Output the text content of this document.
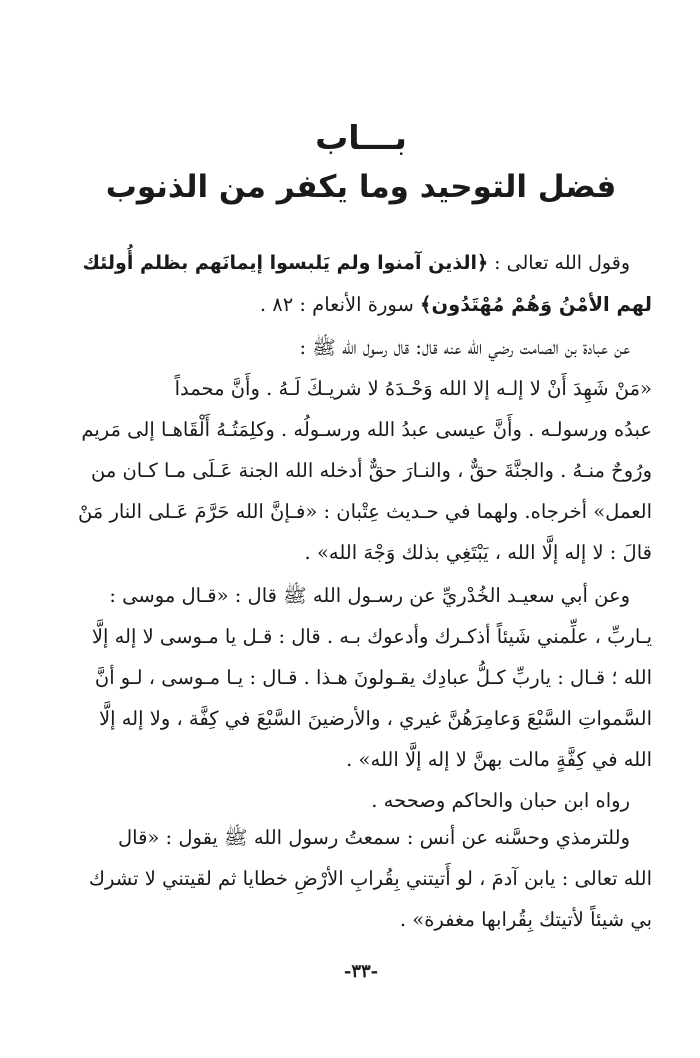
بـــاب
فضل التوحيد وما يكفر من الذنوب
وقول الله تعالى : ﴿الذين آمنوا ولم يَلبسوا إيمانَهم بظلم أُولئك
لهم الأمْنُ وَهُمْ مُهْتَدُون﴾ سورة الأنعام : ٨٢ .
عن عبادة بن الصامت رضي الله عنه قال: قال رسول الله ﷺ :
«مَنْ شَهِدَ أَنْ لا إلـه إلا الله وَحْـدَهُ لا شريـكَ لَـهُ . وأَنَّ محمداً
عبدُه ورسولـه . وأَنَّ عيسى عبدُ الله ورسـولُه . وكلِمَتُـهُ أَلْقَاهـا إلى مَريم
ورُوحٌ منـهُ . والجنَّةَ حقٌّ ، والنـارَ حقٌّ أدخله الله الجنة عَـلَى مـا كـان من
العمل» أخرجاه. ولهما في حـديث عِتْبان : «فـإنَّ الله حَرَّمَ عَـلى النار مَنْ
قالَ : لا إله إلَّا الله ، يَبْتَغِي بذلك وَجْهَ الله» .
وعن أبي سعيـد الخُدْريِّ عن رسـول الله ﷺ قال : «قـال موسى :
يـاربِّ ، علِّمني شَيئاً أذكـرك وأدعوك بـه . قال : قـل يا مـوسى لا إله إلَّا
الله ؛ قـال : ياربِّ كـلُّ عبادِك يقـولونَ هـذا . قـال : يـا مـوسى ، لـو أنَّ
السَّمواتِ السَّبْعَ وَعامِرَهُنَّ غيري ، والأرضينَ السَّبْعَ في كِفَّة ، ولا إله إلَّا
الله في كِفَّةٍ مالت بهنَّ لا إله إلَّا الله» .
رواه ابن حبان والحاكم وصححه .
وللترمذي وحسَّنه عن أنس : سمعتُ رسول الله ﷺ يقول : «قال
الله تعالى : يابن آدمَ ، لو أَتيتني بِقُرابِ الأرْضِ خطايا ثم لقيتني لا تشرك
بي شيئاً لأتيتك بِقُرابها مغفرة» .
-٣٣-
